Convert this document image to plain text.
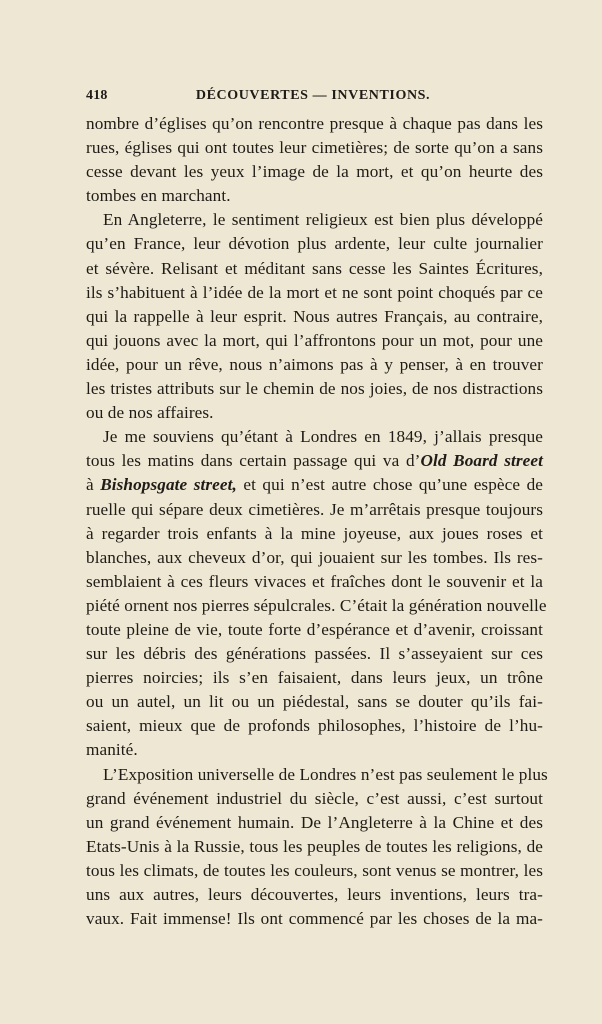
418	DÉCOUVERTES — INVENTIONS.
nombre d’églises qu’on rencontre presque à chaque pas dans les
rues, églises qui ont toutes leur cimetières; de sorte qu’on a sans
cesse devant les yeux l’image de la mort, et qu’on heurte des
tombes en marchant.
En Angleterre, le sentiment religieux est bien plus développé
qu’en France, leur dévotion plus ardente, leur culte journalier
et sévère. Relisant et méditant sans cesse les Saintes Écritures,
ils s’habituent à l’idée de la mort et ne sont point choqués par ce
qui la rappelle à leur esprit. Nous autres Français, au contraire,
qui jouons avec la mort, qui l’affrontons pour un mot, pour une
idée, pour un rêve, nous n’aimons pas à y penser, à en trouver
les tristes attributs sur le chemin de nos joies, de nos distractions
ou de nos affaires.
Je me souviens qu’étant à Londres en 1849, j’allais presque
tous les matins dans certain passage qui va d’Old Board street
à Bishopsgate street, et qui n’est autre chose qu’une espèce de
ruelle qui sépare deux cimetières. Je m’arrêtais presque toujours
à regarder trois enfants à la mine joyeuse, aux joues roses et
blanches, aux cheveux d’or, qui jouaient sur les tombes. Ils res-
semblaient à ces fleurs vivaces et fraîches dont le souvenir et la
piété ornent nos pierres sépulcrales. C’était la génération nouvelle
toute pleine de vie, toute forte d’espérance et d’avenir, croissant
sur les débris des générations passées. Il s’asseyaient sur ces
pierres noircies; ils s’en faisaient, dans leurs jeux, un trône
ou un autel, un lit ou un piédestal, sans se douter qu’ils fai-
saient, mieux que de profonds philosophes, l’histoire de l’hu-
manité.
L’Exposition universelle de Londres n’est pas seulement le plus
grand événement industriel du siècle, c’est aussi, c’est surtout
un grand événement humain. De l’Angleterre à la Chine et des
Etats-Unis à la Russie, tous les peuples de toutes les religions, de
tous les climats, de toutes les couleurs, sont venus se montrer, les
uns aux autres, leurs découvertes, leurs inventions, leurs tra-
vaux. Fait immense! Ils ont commencé par les choses de la ma-
